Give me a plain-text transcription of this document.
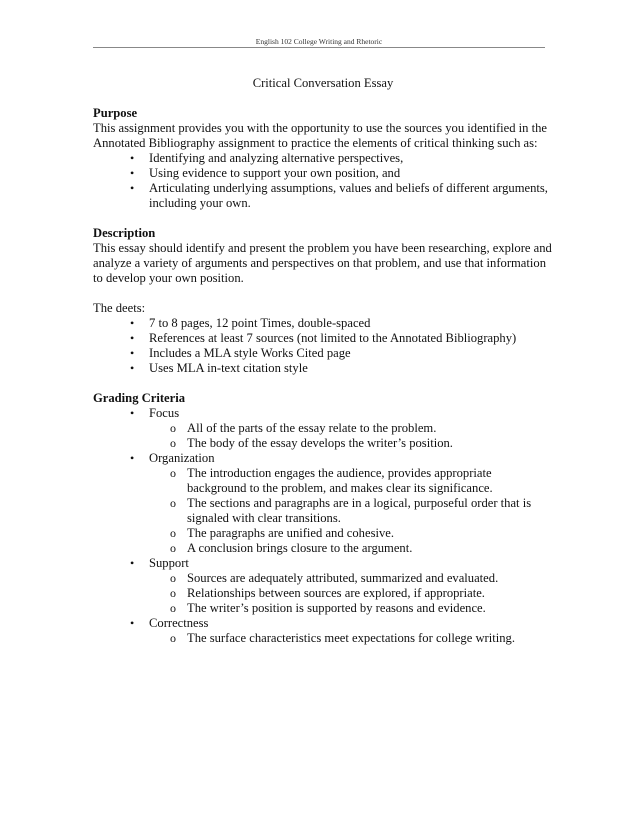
English 102 College Writing and Rhetoric
Critical Conversation Essay
Purpose
This assignment provides you with the opportunity to use the sources you identified in the Annotated Bibliography assignment to practice the elements of critical thinking such as:
• Identifying and analyzing alternative perspectives,
• Using evidence to support your own position, and
• Articulating underlying assumptions, values and beliefs of different arguments, including your own.
Description
This essay should identify and present the problem you have been researching, explore and analyze a variety of arguments and perspectives on that problem, and use that information to develop your own position.
The deets:
• 7 to 8 pages, 12 point Times, double-spaced
• References at least 7 sources (not limited to the Annotated Bibliography)
• Includes a MLA style Works Cited page
• Uses MLA in-text citation style
Grading Criteria
• Focus
o All of the parts of the essay relate to the problem.
o The body of the essay develops the writer’s position.
• Organization
o The introduction engages the audience, provides appropriate background to the problem, and makes clear its significance.
o The sections and paragraphs are in a logical, purposeful order that is signaled with clear transitions.
o The paragraphs are unified and cohesive.
o A conclusion brings closure to the argument.
• Support
o Sources are adequately attributed, summarized and evaluated.
o Relationships between sources are explored, if appropriate.
o The writer’s position is supported by reasons and evidence.
• Correctness
o The surface characteristics meet expectations for college writing.
